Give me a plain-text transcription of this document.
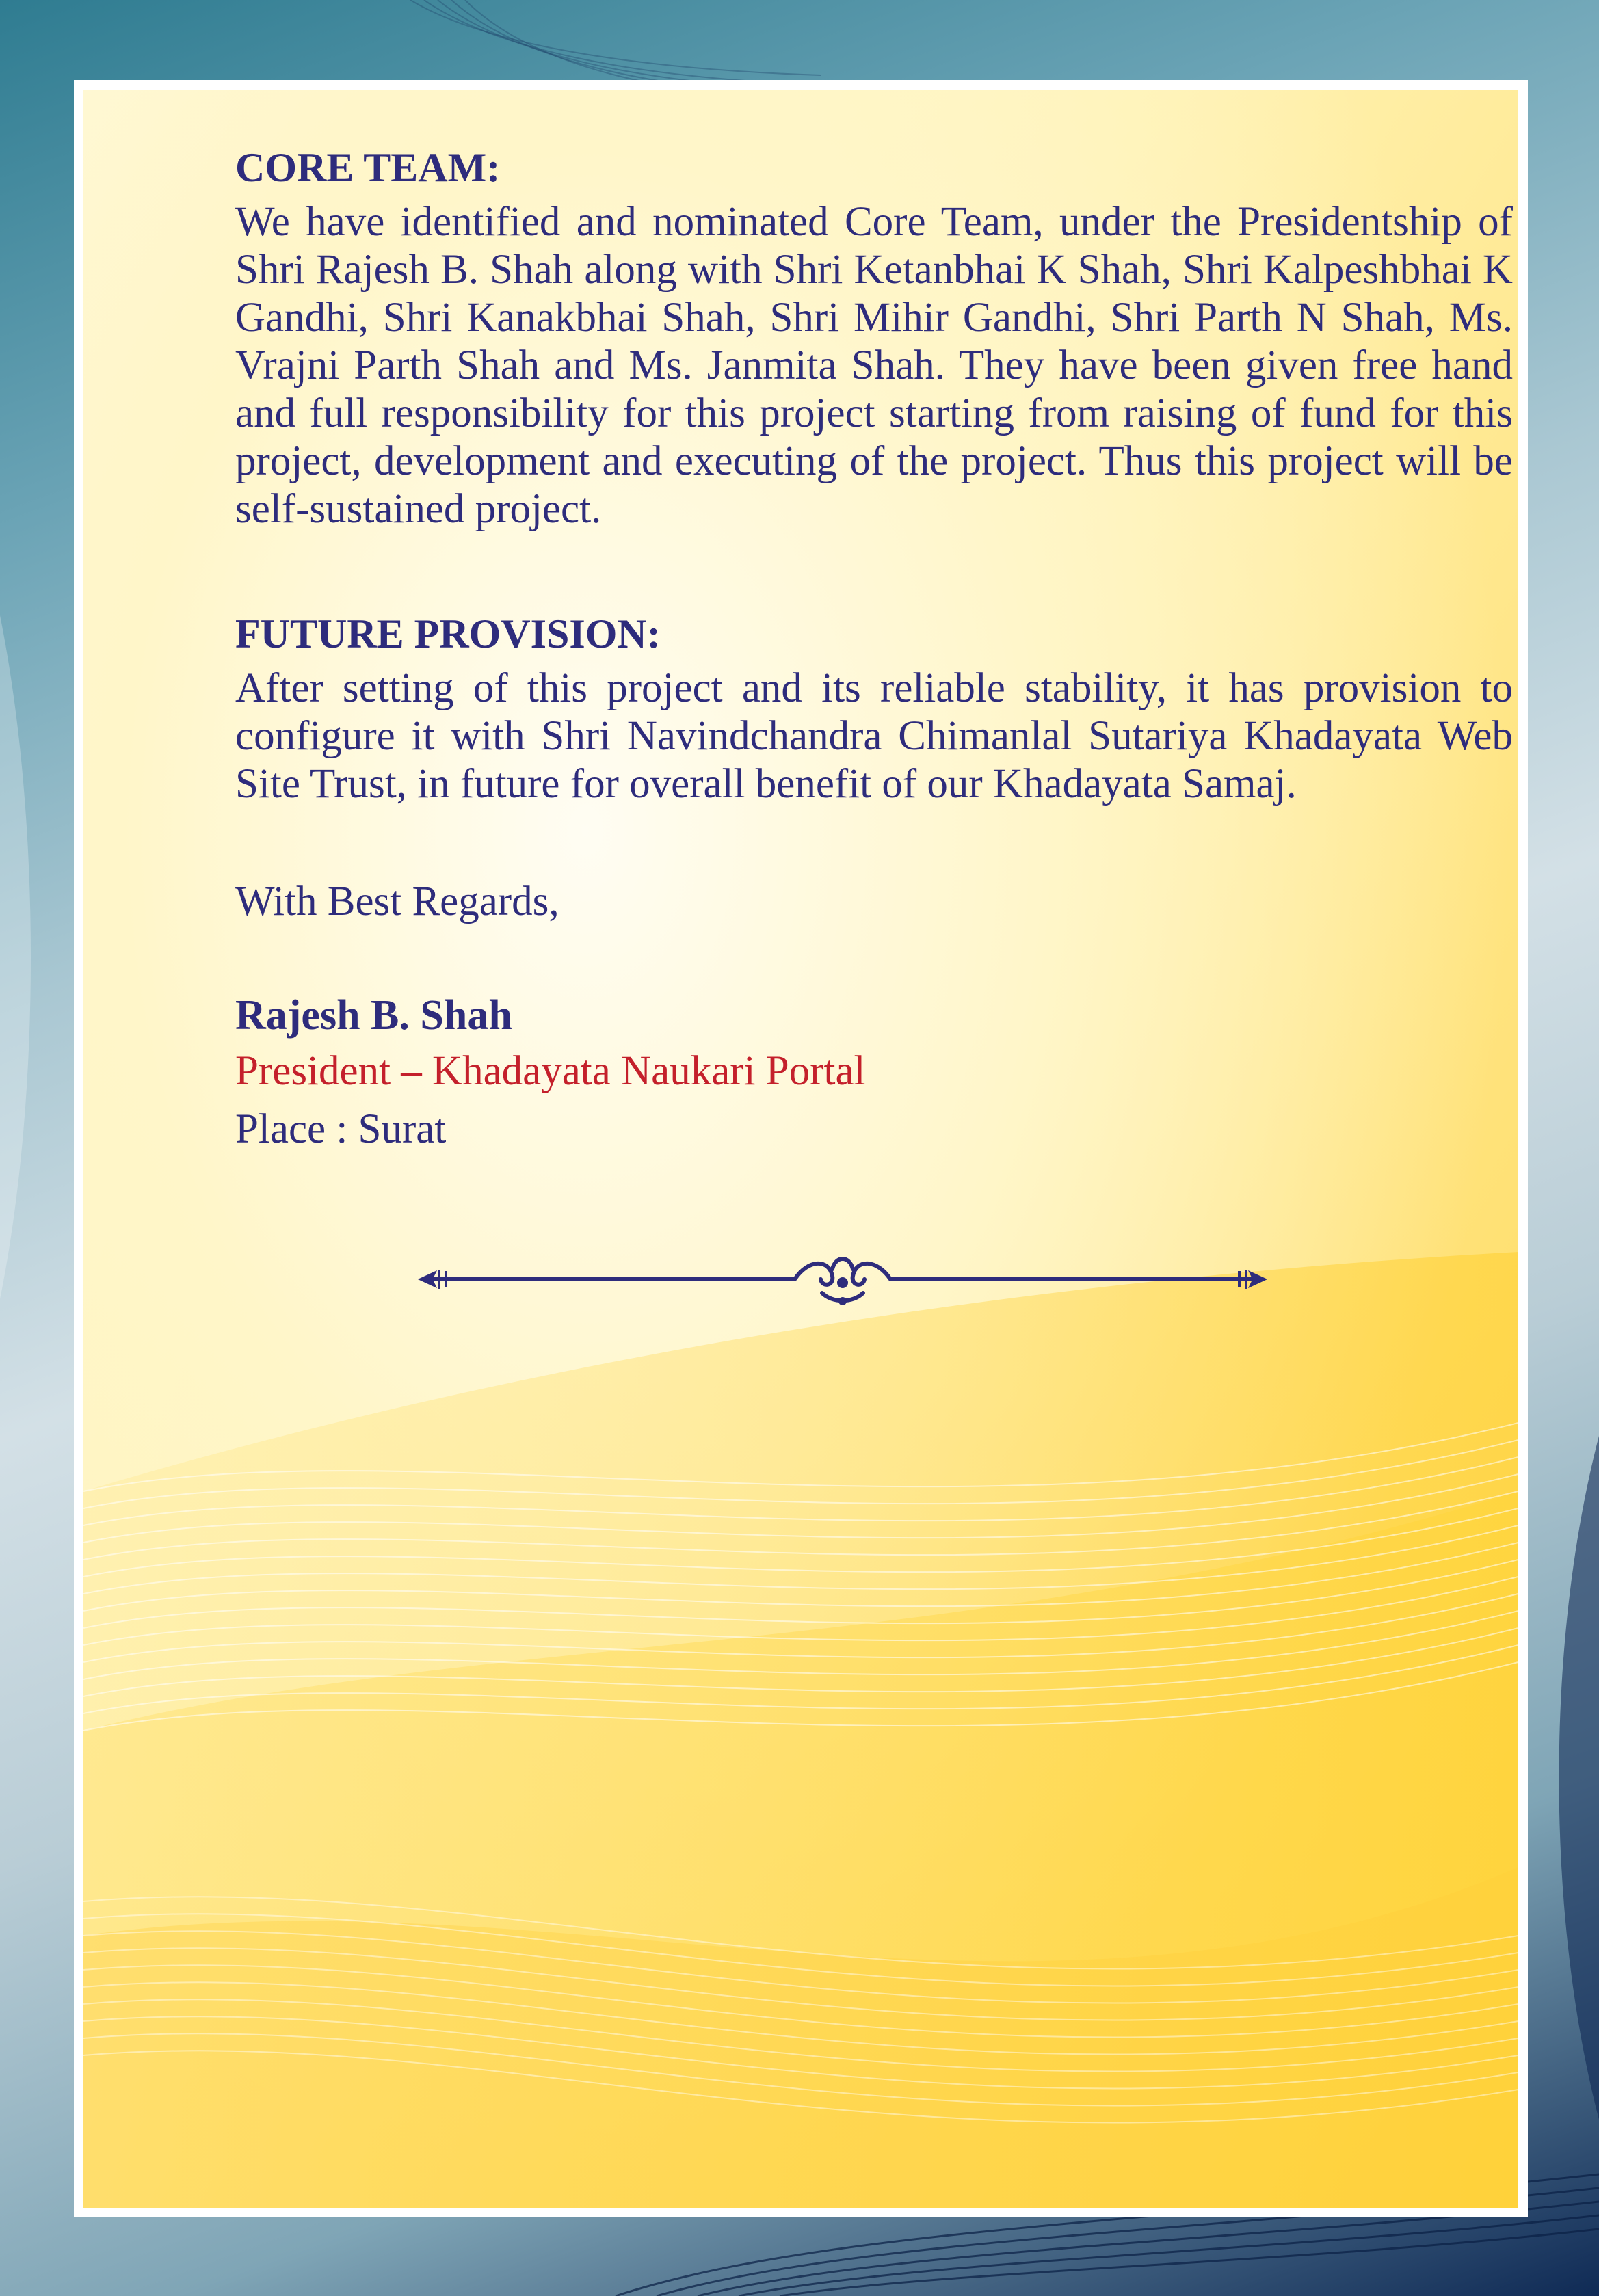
CORE TEAM:

We have identified and nominated Core Team, under the Presidentship of Shri Rajesh B. Shah along with Shri Ketanbhai K Shah, Shri Kalpeshbhai K Gandhi, Shri Kanakbhai Shah, Shri Mihir Gandhi, Shri Parth N Shah, Ms. Vrajni Parth Shah and Ms. Janmita Shah. They have been given free hand and full responsibility for this project starting from raising of fund for this project, development and executing of the project. Thus this project will be self-sustained project.

FUTURE PROVISION:

After setting of this project and its reliable stability, it has provision to configure it with Shri Navindchandra Chimanlal Sutariya Khadayata Web Site Trust, in future for overall benefit of our Khadayata Samaj.

With Best Regards,

Rajesh B. Shah

President – Khadayata Naukari Portal

Place : Surat
